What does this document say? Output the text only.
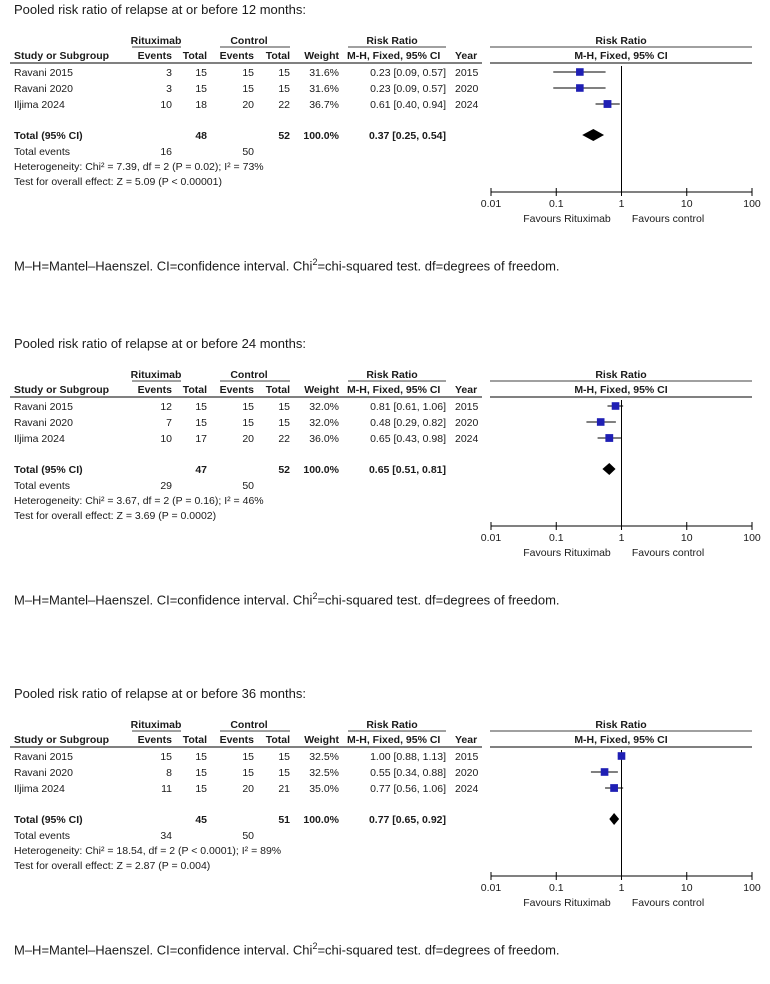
Pooled risk ratio of relapse at or before 12 months:
Rituximab	Control	Risk Ratio	Risk Ratio
Study or Subgroup	Events Total Events Total Weight M-H, Fixed, 95% CI Year	M-H, Fixed, 95% CI
Ravani 2015	3 15	15 15 31.6%	0.23 [0.09, 0.57] 2015
Ravani 2020	3 15	15 15 31.6%	0.23 [0.09, 0.57] 2020
Iljima 2024	10 18	20 22 36.7%	0.61 [0.40, 0.94] 2024
Total (95% CI)	48	52 100.0%	0.37 [0.25, 0.54]
Total events	16	50
Heterogeneity: Chi² = 7.39, df = 2 (P = 0.02); I² = 73%
Test for overall effect: Z = 5.09 (P < 0.00001)
0.01	0.1	1	10	100
Favours Rituximab Favours control
M–H=Mantel–Haenszel. CI=confidence interval. Chi$^2$=chi-squared test. df=degrees of freedom.
Pooled risk ratio of relapse at or before 24 months:
Rituximab	Control	Risk Ratio	Risk Ratio
Study or Subgroup	Events Total Events Total Weight M-H, Fixed, 95% CI Year	M-H, Fixed, 95% CI
Ravani 2015	12 15	15 15 32.0%	0.81 [0.61, 1.06] 2015
Ravani 2020	7 15	15 15 32.0%	0.48 [0.29, 0.82] 2020
Iljima 2024	10 17	20 22 36.0%	0.65 [0.43, 0.98] 2024
Total (95% CI)	47	52 100.0%	0.65 [0.51, 0.81]
Total events	29	50
Heterogeneity: Chi² = 3.67, df = 2 (P = 0.16); I² = 46%
Test for overall effect: Z = 3.69 (P = 0.0002)
0.01	0.1	1	10	100
Favours Rituximab Favours control
M–H=Mantel–Haenszel. CI=confidence interval. Chi$^2$=chi-squared test. df=degrees of freedom.
Pooled risk ratio of relapse at or before 36 months:
Rituximab	Control	Risk Ratio	Risk Ratio
Study or Subgroup	Events Total Events Total Weight M-H, Fixed, 95% CI Year	M-H, Fixed, 95% CI
Ravani 2015	15 15	15 15 32.5%	1.00 [0.88, 1.13] 2015
Ravani 2020	8 15	15 15 32.5%	0.55 [0.34, 0.88] 2020
Iljima 2024	11 15	20 21 35.0%	0.77 [0.56, 1.06] 2024
Total (95% CI)	45	51 100.0%	0.77 [0.65, 0.92]
Total events	34	50
Heterogeneity: Chi² = 18.54, df = 2 (P < 0.0001); I² = 89%
Test for overall effect: Z = 2.87 (P = 0.004)
0.01	0.1	1	10	100
Favours Rituximab Favours control
M–H=Mantel–Haenszel. CI=confidence interval. Chi$^2$=chi-squared test. df=degrees of freedom.
